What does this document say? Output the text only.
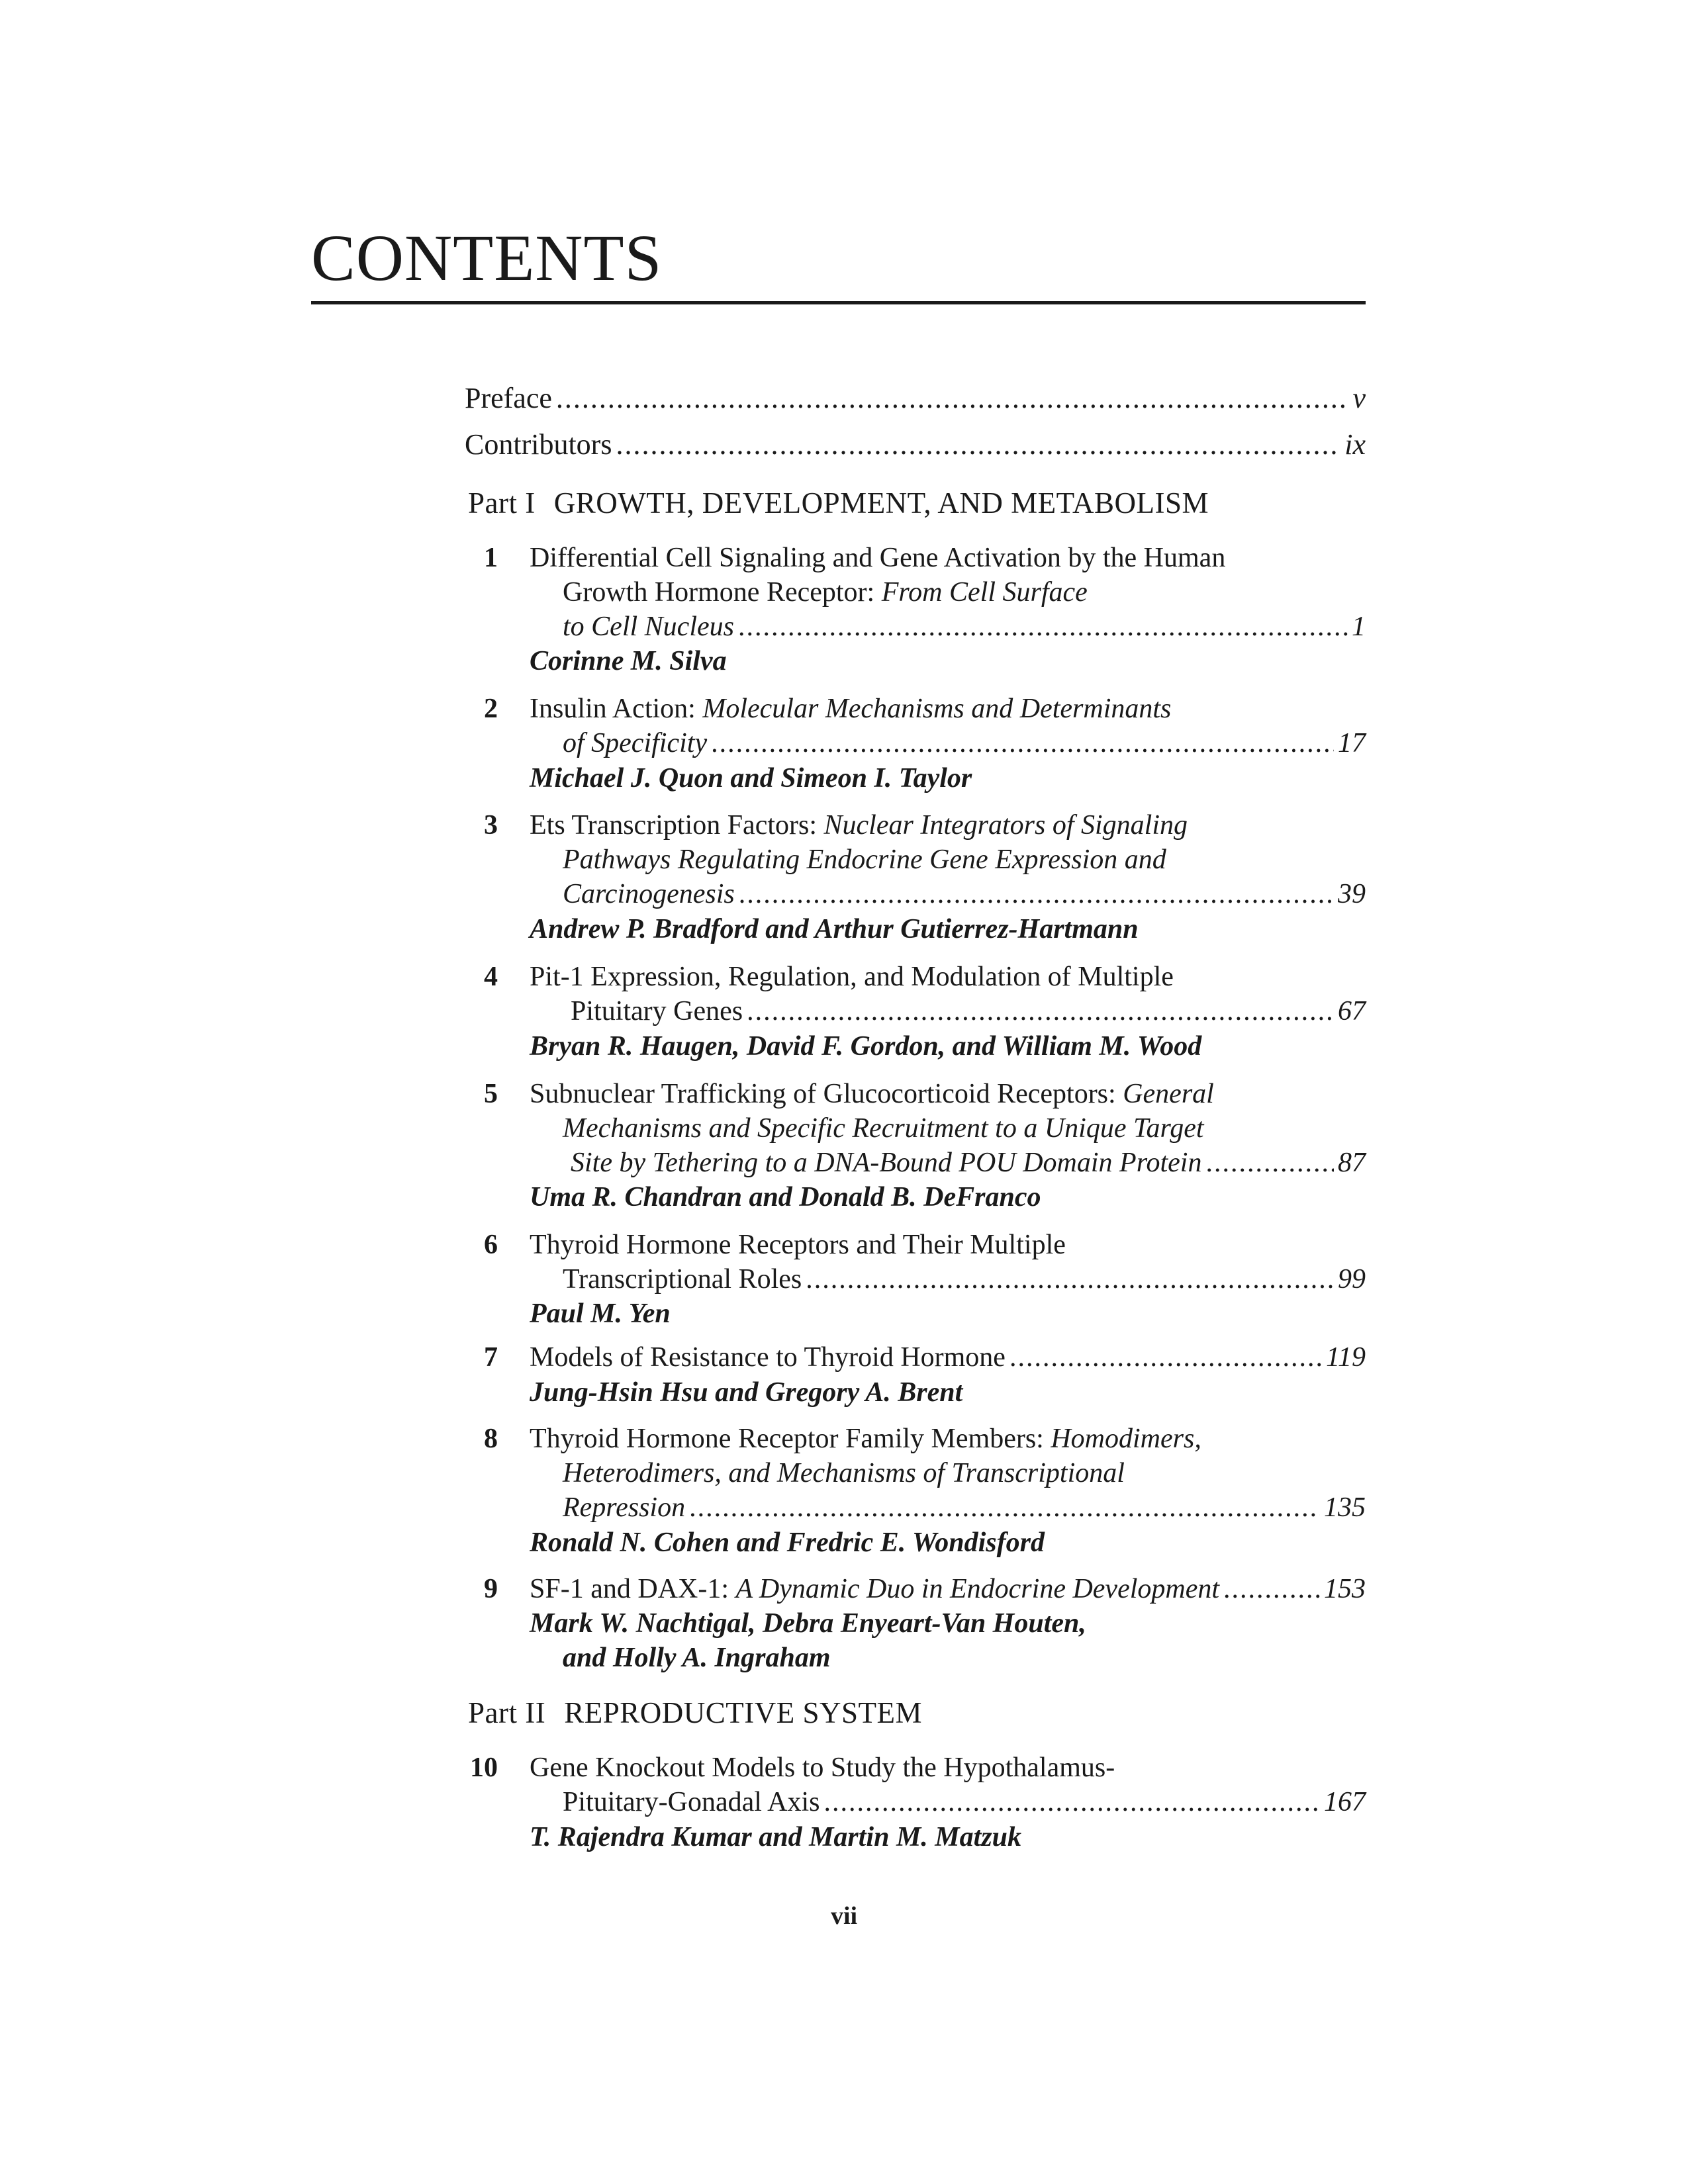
CONTENTS
Preface .....	v
Contributors .....	ix
Part I GROWTH, DEVELOPMENT, AND METABOLISM
1 Differential Cell Signaling and Gene Activation by the Human
Growth Hormone Receptor:
From Cell Surface
to Cell Nucleus .....	1
Corinne M. Silva
2 Insulin Action:
Molecular Mechanisms and Determinants
of Specificity .....	17
Michael J. Quon and Simeon I. Taylor
3 Ets Transcription Factors:
Nuclear Integrators of Signaling
Pathways Regulating Endocrine Gene Expression and
Carcinogenesis .....	39
Andrew P. Bradford and Arthur Gutierrez-Hartmann
4 Pit-1 Expression, Regulation, and Modulation of Multiple
Pituitary Genes .....	67
Bryan R. Haugen, David F. Gordon, and William M. Wood
5 Subnuclear Trafficking of Glucocorticoid Receptors:
General
Mechanisms and Specific Recruitment to a Unique Target
Site by Tethering to a DNA-Bound POU Domain Protein .....	87
Uma R. Chandran and Donald B. DeFranco
6 Thyroid Hormone Receptors and Their Multiple
Transcriptional Roles .....	99
Paul M. Yen
7 Models of Resistance to Thyroid Hormone .....	119
Jung-Hsin Hsu and Gregory A. Brent
8 Thyroid Hormone Receptor Family Members:
Homodimers,
Heterodimers, and Mechanisms of Transcriptional
Repression .....	135
Ronald N. Cohen and Fredric E. Wondisford
9 SF-1 and DAX-1:
A Dynamic Duo in Endocrine Development .....	153
Mark W. Nachtigal, Debra Enyeart-Van Houten,
and Holly A. Ingraham
Part II REPRODUCTIVE SYSTEM
10 Gene Knockout Models to Study the Hypothalamus-
Pituitary-Gonadal Axis .....	167
T. Rajendra Kumar and Martin M. Matzuk
vii
